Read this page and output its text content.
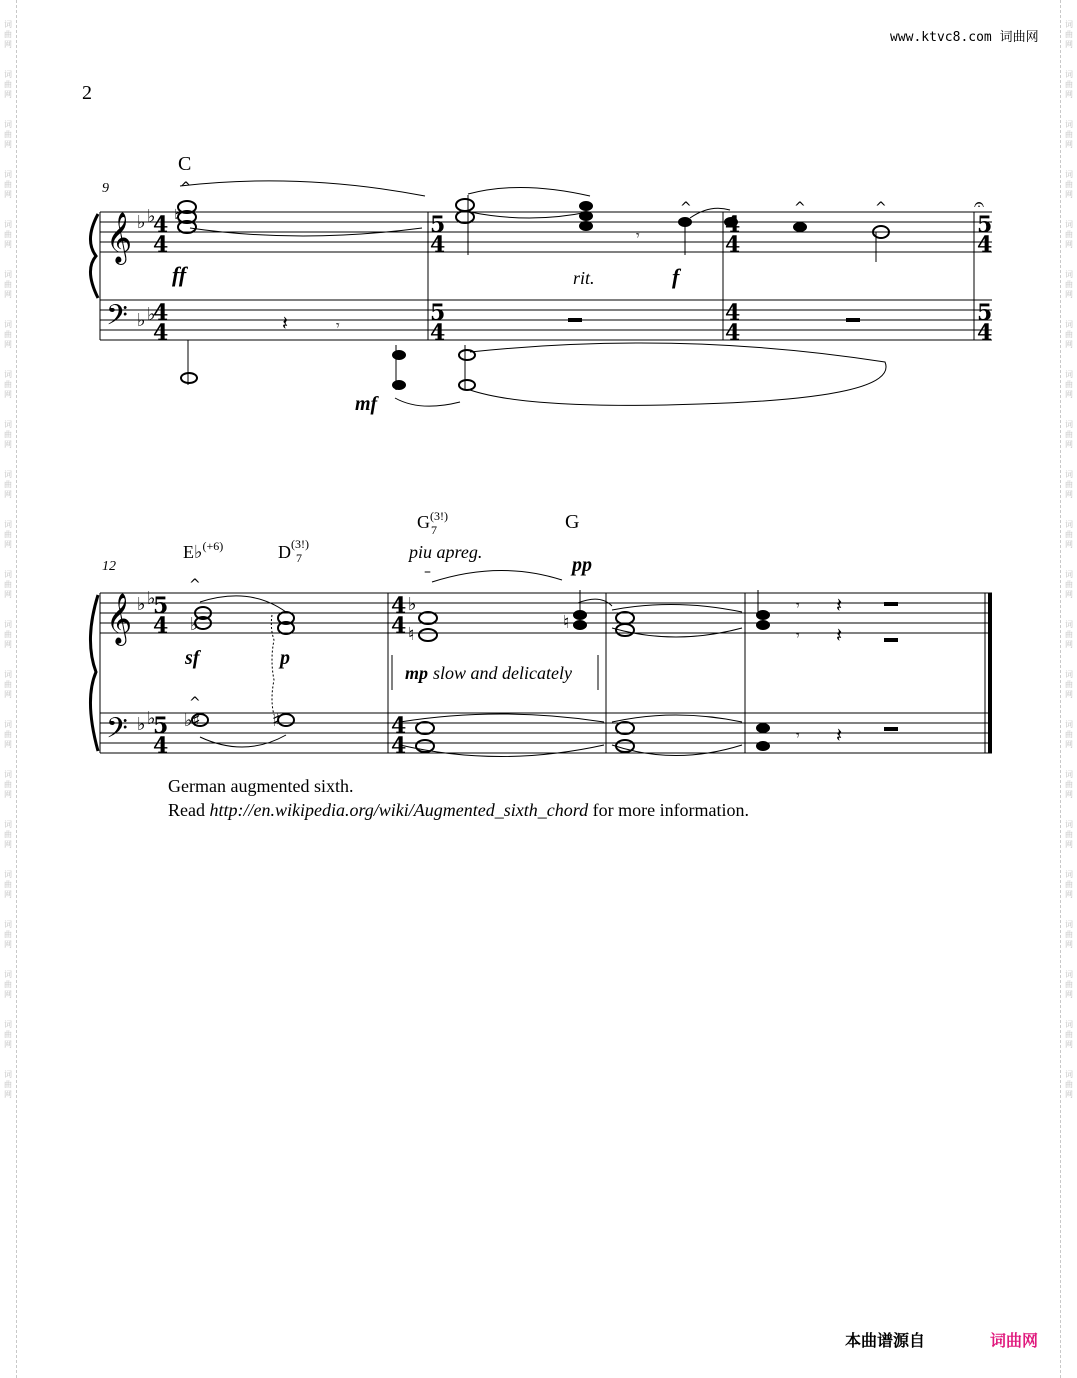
词
曲
网
词
曲
网
词
曲
网
词
曲
网
词
曲
网
词
曲
网
词
曲
网
词
曲
网
词
曲
网
词
曲
网
词
曲
网
词
曲
网
词
曲
网
词
曲
网
词
曲
网
词
曲
网
词
曲
网
词
曲
网
词
曲
网
词
曲
网
词
曲
网
词
曲
网
词
曲
网
词
曲
网
词
曲
网
词
曲
网
词
曲
网
词
曲
网
词
曲
网
词
曲
网
词
曲
网
词
曲
网
词
曲
网
词
曲
网
词
曲
网
词
曲
网
词
曲
网
词
曲
网
词
曲
网
词
曲
网
词
曲
网
词
曲
网
词
曲
网
词
曲
网
www.ktvc8.com 词曲网
2
𝄞
𝄢
𝄞
𝄢
4
4
4
4
5
4
5
4
4
4
4
4
5
4
5
4
5
4
5
4
4
4
4
4
♭ ♭
♭ ♭
♭ ♭
♭ ♭
♮
♭
♭ ♯	♯
♭
♮
♮
^
^	^	^
^
^
𝄐
–
𝄾
𝄾
𝄾
𝄾
𝄾
𝄽
𝄽
𝄽
𝄽
9
C
ff	rit.	f
mf
12
E♭$^{(+6)}$	$D^{(3!)}$ 7
$G^{(3!)}$ 7	G
piu apreg.
pp
sf	p
mp slow and delicately
German augmented sixth.
Read http://en.wikipedia.org/wiki/Augmented_sixth_chord for more information.
本曲谱源自	词曲网
